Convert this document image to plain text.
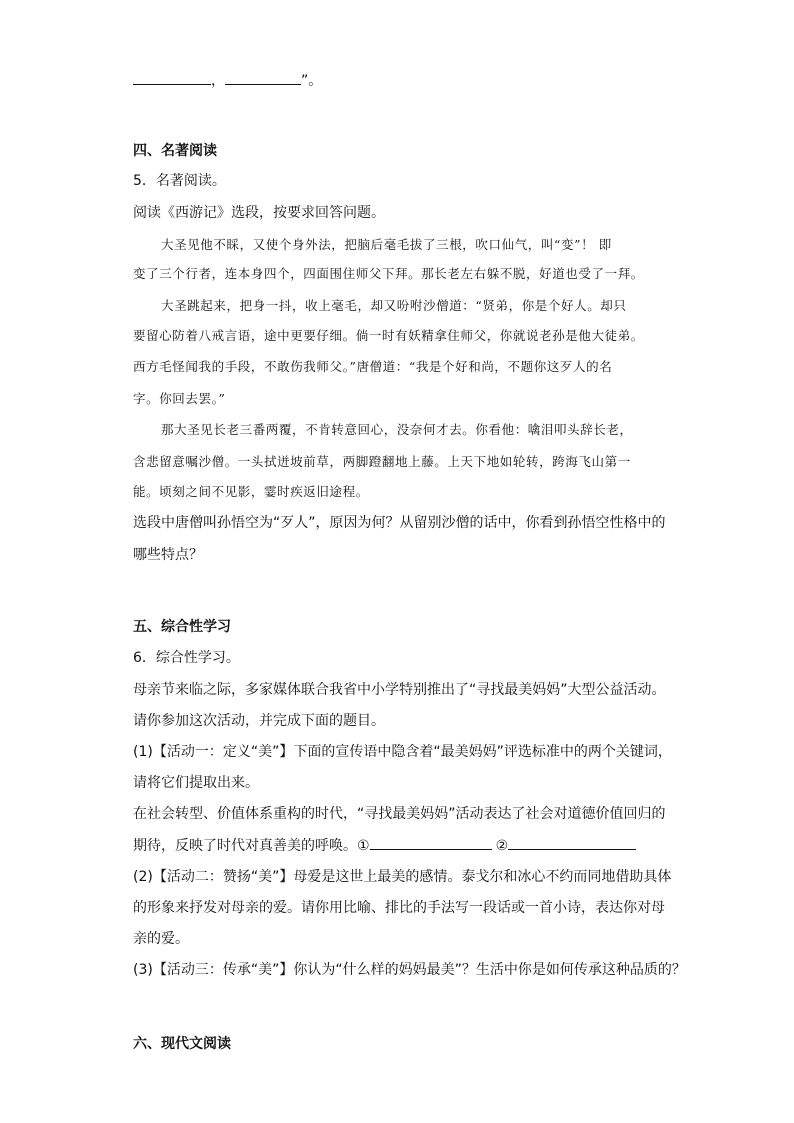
，	”。
四、名著阅读
5．名著阅读。
阅读《西游记》选段，按要求回答问题。
大圣见他不睬，又使个身外法，把脑后毫毛拔了三根，吹口仙气，叫“变”！ 即
变了三个行者，连本身四个，四面围住师父下拜。那长老左右躲不脱，好道也受了一拜。
大圣跳起来，把身一抖，收上毫毛，却又吩咐沙僧道：“贤弟，你是个好人。却只
要留心防着八戒言语，途中更要仔细。倘一时有妖精拿住师父，你就说老孙是他大徒弟。
西方毛怪闻我的手段，不敢伤我师父。”唐僧道：“我是个好和尚，不题你这歹人的名
字。你回去罢。”
那大圣见长老三番两覆，不肯转意回心，没奈何才去。你看他：噙泪叩头辞长老，
含悲留意嘱沙僧。一头拭迸坡前草，两脚蹬翻地上藤。上天下地如轮转，跨海飞山第一
能。顷刻之间不见影，霎时疾返旧途程。
选段中唐僧叫孙悟空为“歹人”，原因为何？从留别沙僧的话中，你看到孙悟空性格中的
哪些特点？
五、综合性学习
6．综合性学习。
母亲节来临之际，多家媒体联合我省中小学特别推出了“寻找最美妈妈”大型公益活动。
请你参加这次活动，并完成下面的题目。
(1)【活动一：定义“美”】下面的宣传语中隐含着“最美妈妈”评选标准中的两个关键词，
请将它们提取出来。
在社会转型、价值体系重构的时代，“寻找最美妈妈”活动表达了社会对道德价值回归的
期待，反映了时代对真善美的呼唤。①	②
(2)【活动二：赞扬“美”】母爱是这世上最美的感情。泰戈尔和冰心不约而同地借助具体
的形象来抒发对母亲的爱。请你用比喻、排比的手法写一段话或一首小诗，表达你对母
亲的爱。
(3)【活动三：传承“美”】你认为“什么样的妈妈最美”？生活中你是如何传承这种品质的？
六、现代文阅读
